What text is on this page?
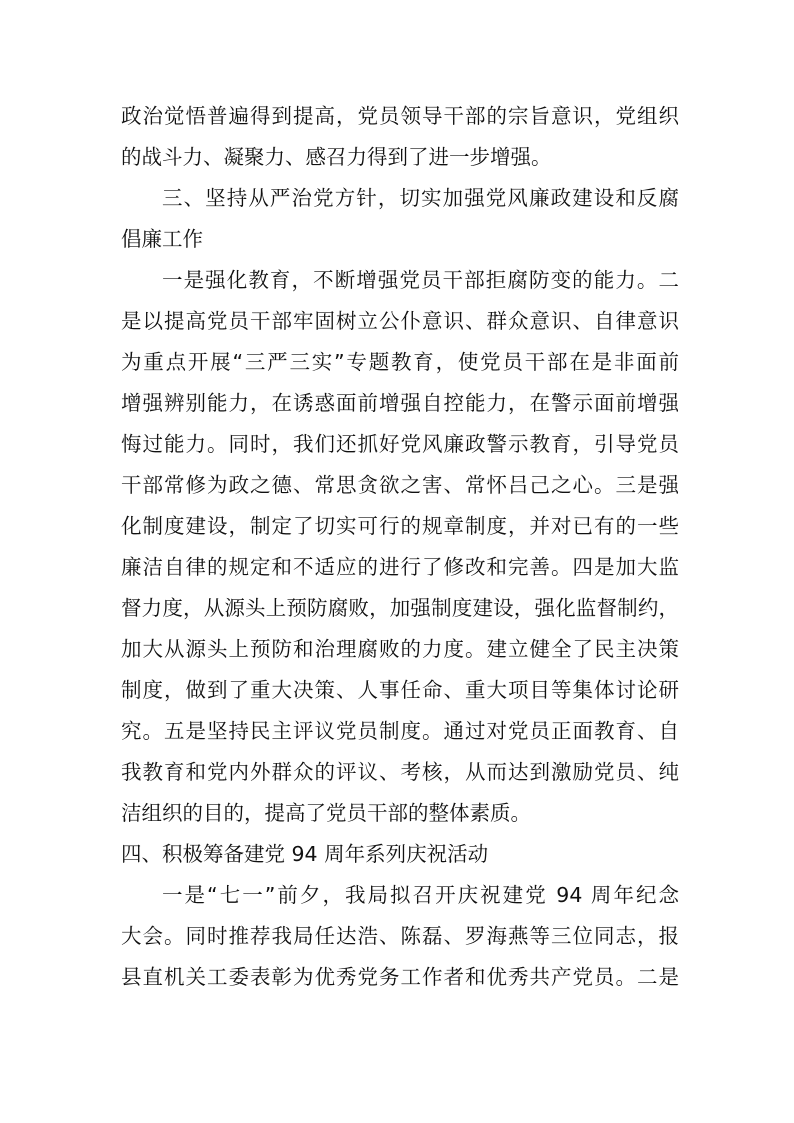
政治觉悟普遍得到提高，党员领导干部的宗旨意识，党组织
的战斗力、凝聚力、感召力得到了进一步增强。
三、坚持从严治党方针，切实加强党风廉政建设和反腐
倡廉工作
一是强化教育，不断增强党员干部拒腐防变的能力。二
是以提高党员干部牢固树立公仆意识、群众意识、自律意识
为重点开展“三严三实”专题教育，使党员干部在是非面前
增强辨别能力，在诱惑面前增强自控能力，在警示面前增强
悔过能力。同时，我们还抓好党风廉政警示教育，引导党员
干部常修为政之德、常思贪欲之害、常怀吕己之心。三是强
化制度建设，制定了切实可行的规章制度，并对已有的一些
廉洁自律的规定和不适应的进行了修改和完善。四是加大监
督力度，从源头上预防腐败，加强制度建设，强化监督制约，
加大从源头上预防和治理腐败的力度。建立健全了民主决策
制度，做到了重大决策、人事任命、重大项目等集体讨论研
究。五是坚持民主评议党员制度。通过对党员正面教育、自
我教育和党内外群众的评议、考核，从而达到激励党员、纯
洁组织的目的，提高了党员干部的整体素质。
四、积极筹备建党 94 周年系列庆祝活动
一是“七一”前夕，我局拟召开庆祝建党 94 周年纪念
大会。同时推荐我局任达浩、陈磊、罗海燕等三位同志，报
县直机关工委表彰为优秀党务工作者和优秀共产党员。二是
